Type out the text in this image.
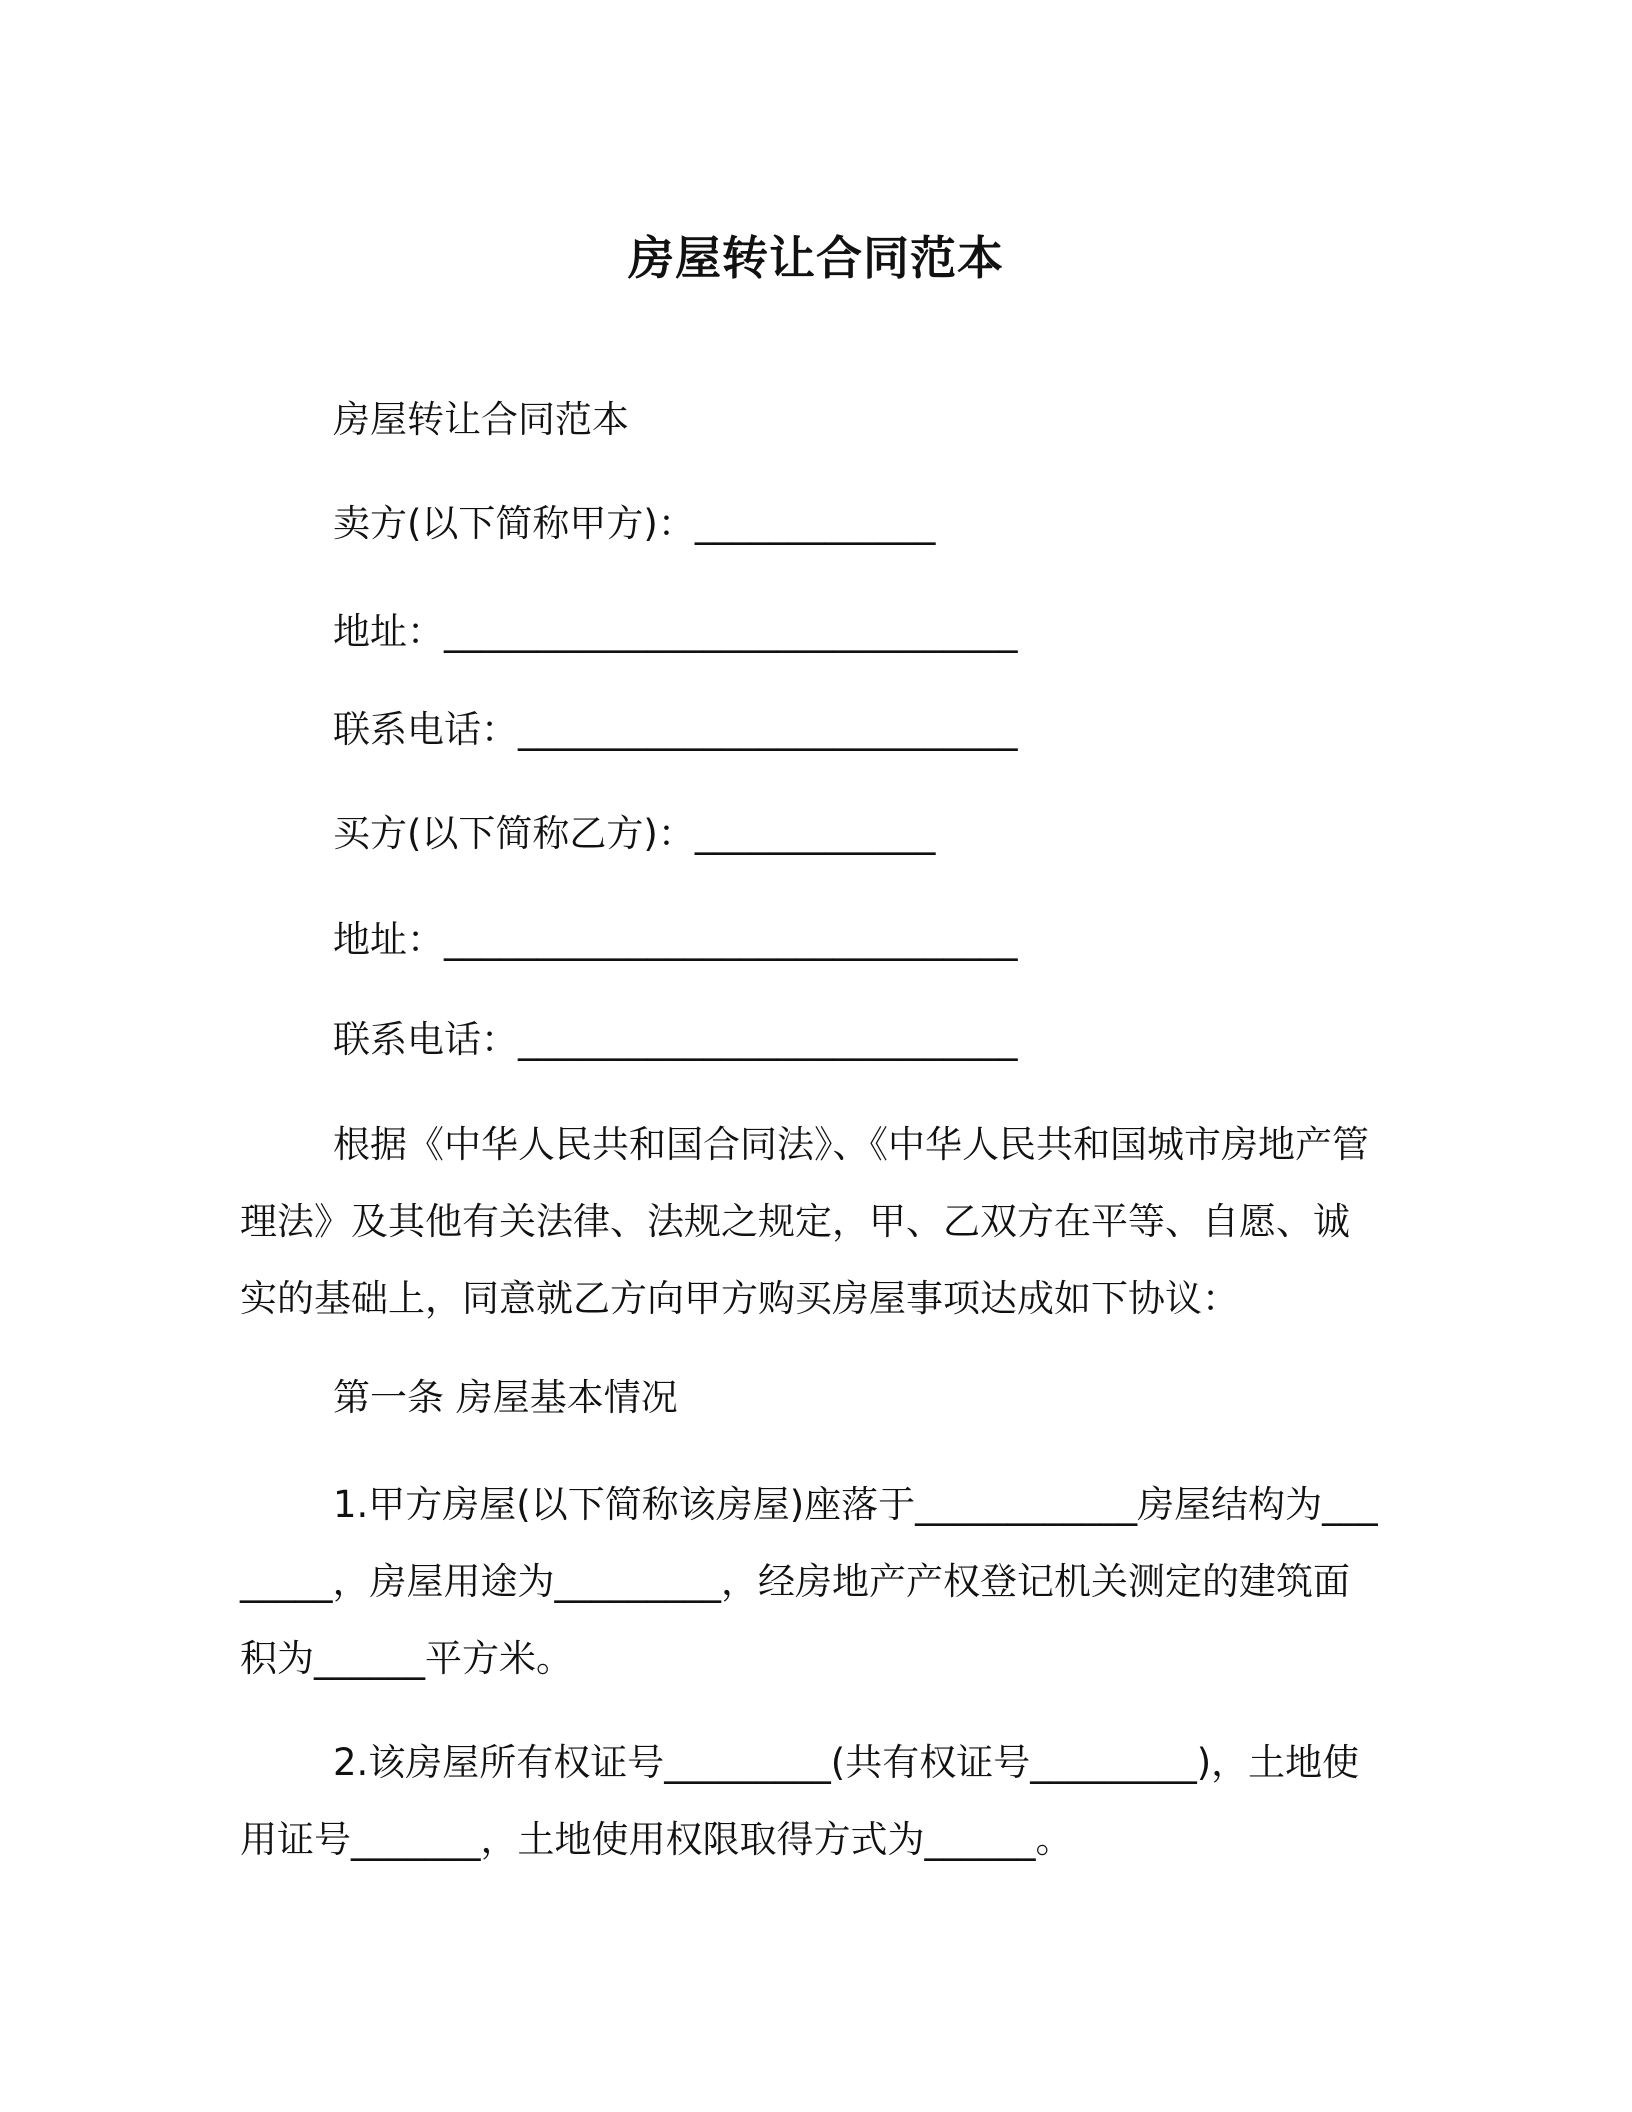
房屋转让合同范本

房屋转让合同范本

卖方(以下简称甲方)：_____________

地址：_______________________________

联系电话：___________________________

买方(以下简称乙方)：_____________

地址：_______________________________

联系电话：___________________________

根据《中华人民共和国合同法》、《中华人民共和国城市房地产管理法》及其他有关法律、法规之规定，甲、乙双方在平等、自愿、诚实的基础上，同意就乙方向甲方购买房屋事项达成如下协议：

第一条 房屋基本情况

1.甲方房屋(以下简称该房屋)座落于____________房屋结构为________，房屋用途为_________，经房地产产权登记机关测定的建筑面积为______平方米。

2.该房屋所有权证号_________(共有权证号_________)，土地使用证号_______，土地使用权限取得方式为______。
